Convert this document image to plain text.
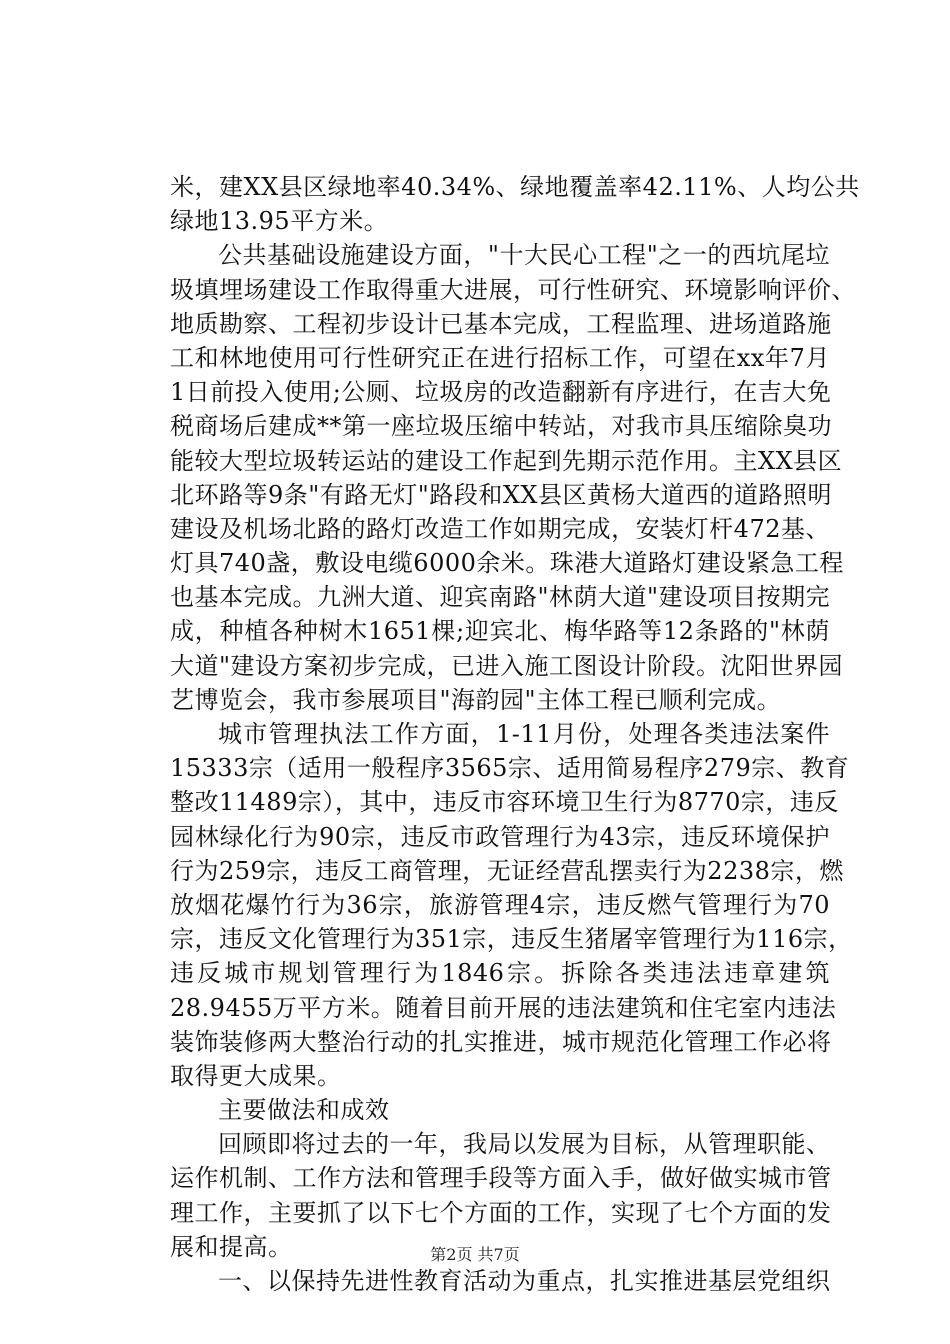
米，建XX县区绿地率40.34%、绿地覆盖率42.11%、人均公共
绿地13.95平方米。
公共基础设施建设方面，"十大民心工程"之一的西坑尾垃
圾填埋场建设工作取得重大进展，可行性研究、环境影响评价、
地质勘察、工程初步设计已基本完成，工程监理、进场道路施
工和林地使用可行性研究正在进行招标工作，可望在xx年7月
1日前投入使用;公厕、垃圾房的改造翻新有序进行，在吉大免
税商场后建成**第一座垃圾压缩中转站，对我市具压缩除臭功
能较大型垃圾转运站的建设工作起到先期示范作用。主XX县区
北环路等9条"有路无灯"路段和XX县区黄杨大道西的道路照明
建设及机场北路的路灯改造工作如期完成，安装灯杆472基、
灯具740盏，敷设电缆6000余米。珠港大道路灯建设紧急工程
也基本完成。九洲大道、迎宾南路"林荫大道"建设项目按期完
成，种植各种树木1651棵;迎宾北、梅华路等12条路的"林荫
大道"建设方案初步完成，已进入施工图设计阶段。沈阳世界园
艺博览会，我市参展项目"海韵园"主体工程已顺利完成。
城市管理执法工作方面，1-11月份，处理各类违法案件
15333宗（适用一般程序3565宗、适用简易程序279宗、教育
整改11489宗），其中，违反市容环境卫生行为8770宗，违反
园林绿化行为90宗，违反市政管理行为43宗，违反环境保护
行为259宗，违反工商管理，无证经营乱摆卖行为2238宗，燃
放烟花爆竹行为36宗，旅游管理4宗，违反燃气管理行为70
宗，违反文化管理行为351宗，违反生猪屠宰管理行为116宗，
违反城市规划管理行为1846宗。拆除各类违法违章建筑
28.9455万平方米。随着目前开展的违法建筑和住宅室内违法
装饰装修两大整治行动的扎实推进，城市规范化管理工作必将
取得更大成果。
主要做法和成效
回顾即将过去的一年，我局以发展为目标，从管理职能、
运作机制、工作方法和管理手段等方面入手，做好做实城市管
理工作，主要抓了以下七个方面的工作，实现了七个方面的发
展和提高。
一、以保持先进性教育活动为重点，扎实推进基层党组织
第2页 共7页
